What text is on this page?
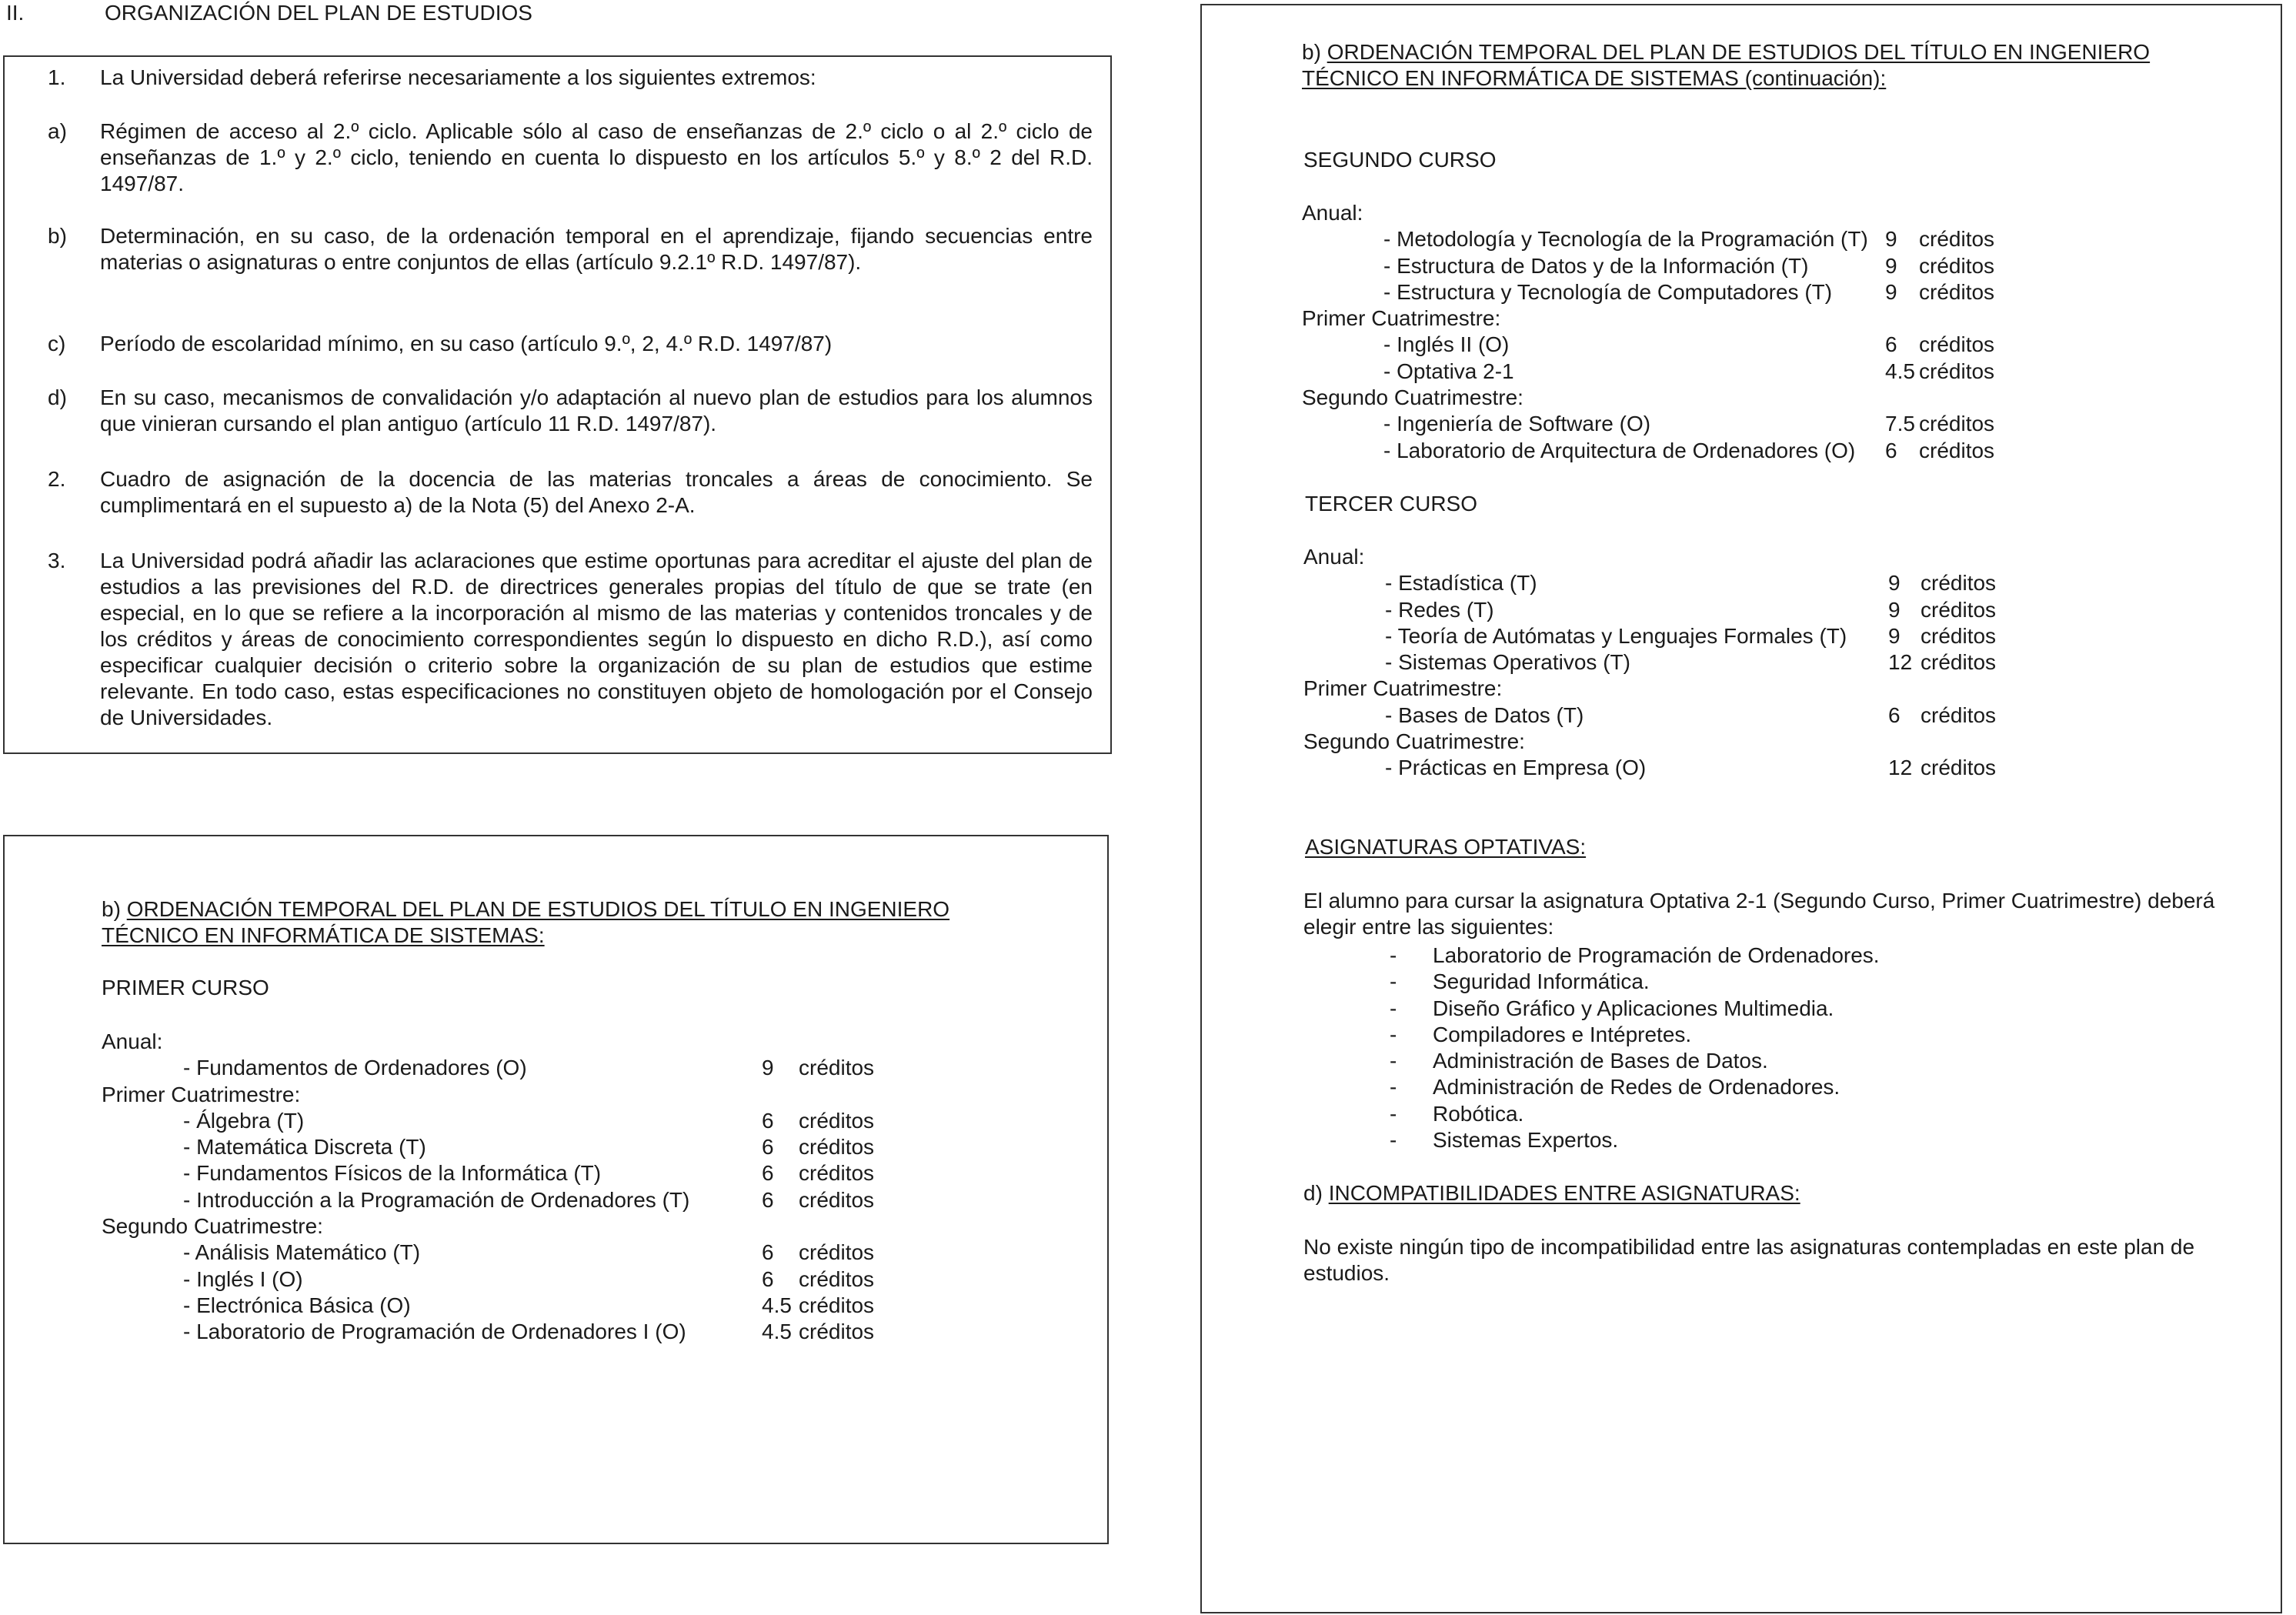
II.	ORGANIZACIÓN DEL PLAN DE ESTUDIOS
1.	La Universidad deberá referirse necesariamente a los siguientes extremos:
a)	Régimen de acceso al 2.º ciclo. Aplicable sólo al caso de enseñanzas de 2.º ciclo o al 2.º ciclo de enseñanzas de 1.º y 2.º ciclo, teniendo en cuenta lo dispuesto en los artículos 5.º y 8.º 2 del R.D. 1497/87.
b)	Determinación, en su caso, de la ordenación temporal en el aprendizaje, fijando secuencias entre materias o asignaturas o entre conjuntos de ellas (artículo 9.2.1º R.D. 1497/87).
c)	Período de escolaridad mínimo, en su caso (artículo 9.º, 2, 4.º R.D. 1497/87)
d)	En su caso, mecanismos de convalidación y/o adaptación al nuevo plan de estudios para los alumnos que vinieran cursando el plan antiguo (artículo 11 R.D. 1497/87).
2.	Cuadro de asignación de la docencia de las materias troncales a áreas de conocimiento. Se cumplimentará en el supuesto a) de la Nota (5) del Anexo 2-A.
3.	La Universidad podrá añadir las aclaraciones que estime oportunas para acreditar el ajuste del plan de estudios a las previsiones del R.D. de directrices generales propias del título de que se trate (en especial, en lo que se refiere a la incorporación al mismo de las materias y contenidos troncales y de los créditos y áreas de conocimiento correspondientes según lo dispuesto en dicho R.D.), así como especificar cualquier decisión o criterio sobre la organización de su plan de estudios que estime relevante. En todo caso, estas especificaciones no constituyen objeto de homologación por el Consejo de Universidades.
b) ORDENACIÓN TEMPORAL DEL PLAN DE ESTUDIOS DEL TÍTULO EN INGENIERO
TÉCNICO EN INFORMÁTICA DE SISTEMAS:
PRIMER CURSO
Anual:
- Fundamentos de Ordenadores (O)	9 créditos
Primer Cuatrimestre:
- Álgebra (T)	6 créditos
- Matemática Discreta (T)	6 créditos
- Fundamentos Físicos de la Informática (T)	6 créditos
- Introducción a la Programación de Ordenadores (T)	6 créditos
Segundo Cuatrimestre:
- Análisis Matemático (T)	6 créditos
- Inglés I (O)	6 créditos
- Electrónica Básica (O)	4.5 créditos
- Laboratorio de Programación de Ordenadores I (O)	4.5 créditos
b) ORDENACIÓN TEMPORAL DEL PLAN DE ESTUDIOS DEL TÍTULO EN INGENIERO
TÉCNICO EN INFORMÁTICA DE SISTEMAS (continuación):
SEGUNDO CURSO
Anual:
- Metodología y Tecnología de la Programación (T) 9 créditos
- Estructura de Datos y de la Información (T)	9 créditos
- Estructura y Tecnología de Computadores (T) 9 créditos
Primer Cuatrimestre:
- Inglés II (O)	6 créditos
- Optativa 2-1	4.5 créditos
Segundo Cuatrimestre:
- Ingeniería de Software (O)	7.5 créditos
- Laboratorio de Arquitectura de Ordenadores (O) 6 créditos
TERCER CURSO
Anual:
- Estadística (T)	9 créditos
- Redes (T)	9 créditos
- Teoría de Autómatas y Lenguajes Formales (T) 9 créditos
- Sistemas Operativos (T)	12 créditos
Primer Cuatrimestre:
- Bases de Datos (T)	6 créditos
Segundo Cuatrimestre:
- Prácticas en Empresa (O)	12 créditos
ASIGNATURAS OPTATIVAS:
El alumno para cursar la asignatura Optativa 2-1 (Segundo Curso, Primer Cuatrimestre) deberá elegir entre las siguientes:
- Laboratorio de Programación de Ordenadores.
- Seguridad Informática.
- Diseño Gráfico y Aplicaciones Multimedia.
- Compiladores e Intépretes.
- Administración de Bases de Datos.
- Administración de Redes de Ordenadores.
- Robótica.
- Sistemas Expertos.
d) INCOMPATIBILIDADES ENTRE ASIGNATURAS:
No existe ningún tipo de incompatibilidad entre las asignaturas contempladas en este plan de estudios.
